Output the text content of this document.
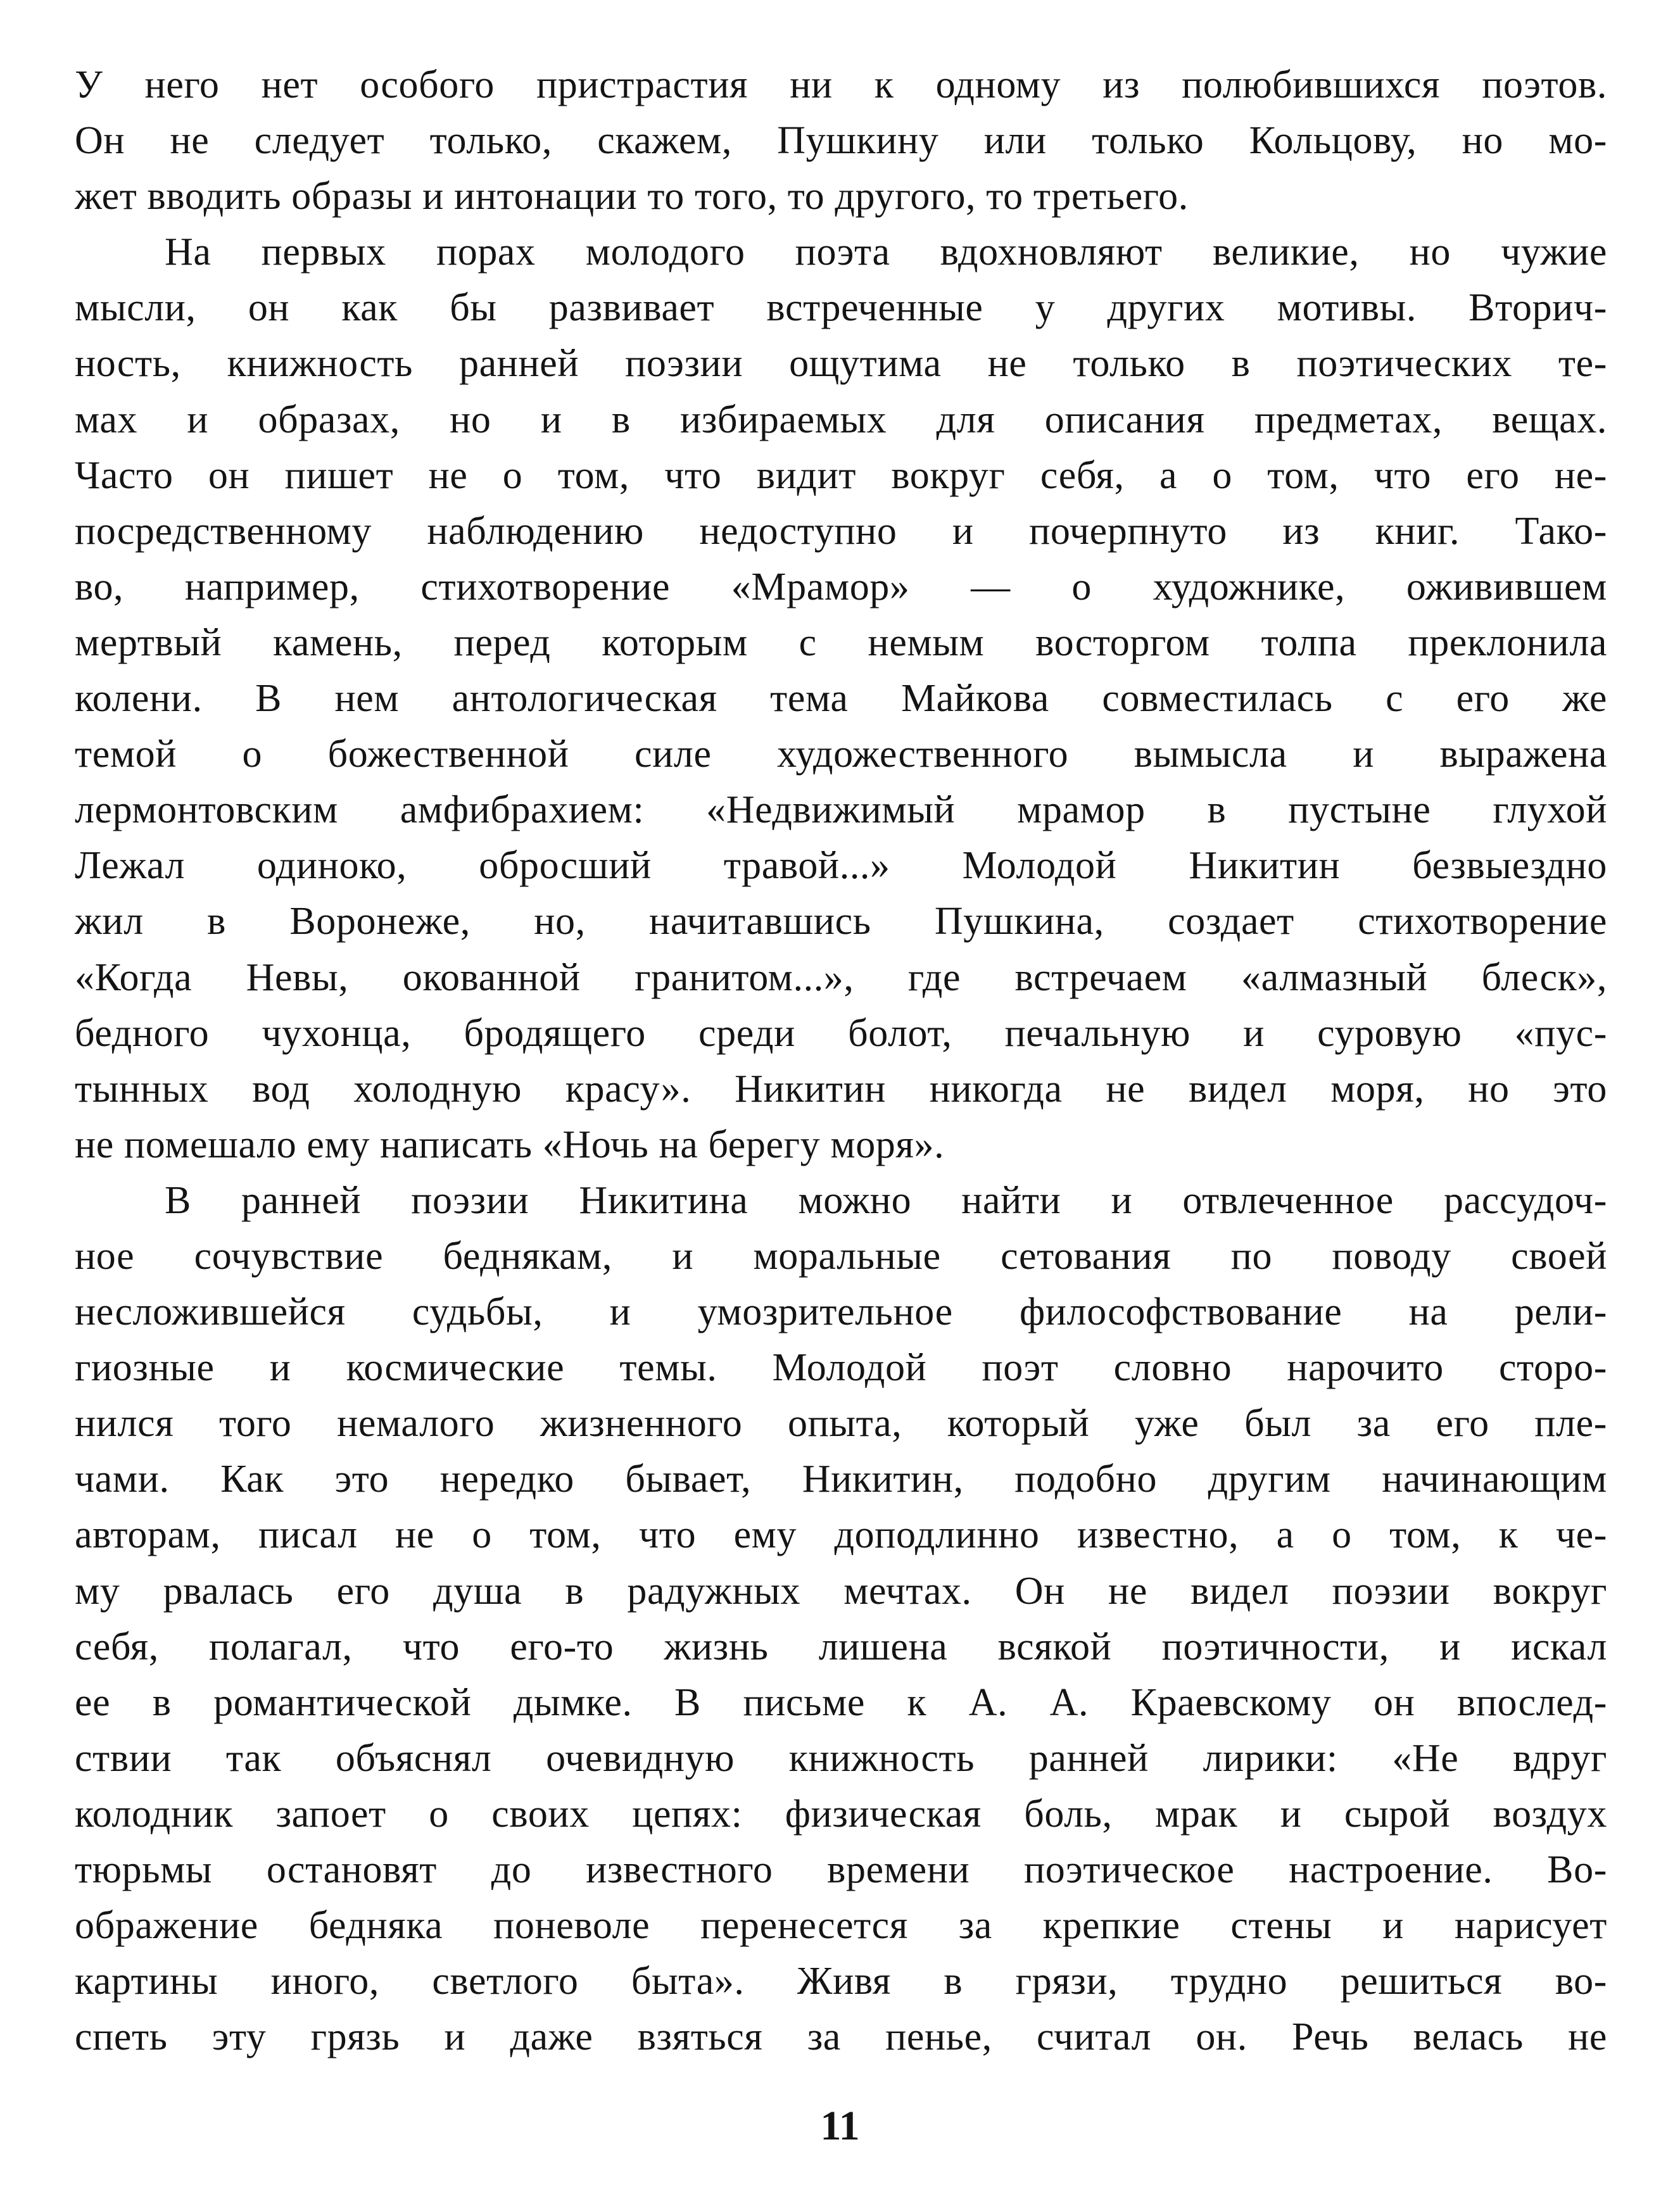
У него нет особого пристрастия ни к одному из полюбившихся поэтов.
Он не следует только, скажем, Пушкину или только Кольцову, но мо-
жет вводить образы и интонации то того, то другого, то третьего.
На первых порах молодого поэта вдохновляют великие, но чужие
мысли, он как бы развивает встреченные у других мотивы. Вторич-
ность, книжность ранней поэзии ощутима не только в поэтических те-
мах и образах, но и в избираемых для описания предметах, вещах.
Часто он пишет не о том, что видит вокруг себя, а о том, что его не-
посредственному наблюдению недоступно и почерпнуто из книг. Тако-
во, например, стихотворение «Мрамор» — о художнике, оживившем
мертвый камень, перед которым с немым восторгом толпа преклонила
колени. В нем антологическая тема Майкова совместилась с его же
темой о божественной силе художественного вымысла и выражена
лермонтовским амфибрахием: «Недвижимый мрамор в пустыне глухой
Лежал одиноко, обросший травой...» Молодой Никитин безвыездно
жил в Воронеже, но, начитавшись Пушкина, создает стихотворение
«Когда Невы, окованной гранитом...», где встречаем «алмазный блеск»,
бедного чухонца, бродящего среди болот, печальную и суровую «пус-
тынных вод холодную красу». Никитин никогда не видел моря, но это
не помешало ему написать «Ночь на берегу моря».
В ранней поэзии Никитина можно найти и отвлеченное рассудоч-
ное сочувствие беднякам, и моральные сетования по поводу своей
несложившейся судьбы, и умозрительное философствование на рели-
гиозные и космические темы. Молодой поэт словно нарочито сторо-
нился того немалого жизненного опыта, который уже был за его пле-
чами. Как это нередко бывает, Никитин, подобно другим начинающим
авторам, писал не о том, что ему доподлинно известно, а о том, к че-
му рвалась его душа в радужных мечтах. Он не видел поэзии вокруг
себя, полагал, что его-то жизнь лишена всякой поэтичности, и искал
ее в романтической дымке. В письме к А. А. Краевскому он впослед-
ствии так объяснял очевидную книжность ранней лирики: «Не вдруг
колодник запоет о своих цепях: физическая боль, мрак и сырой воздух
тюрьмы остановят до известного времени поэтическое настроение. Во-
ображение бедняка поневоле перенесется за крепкие стены и нарисует
картины иного, светлого быта». Живя в грязи, трудно решиться во-
спеть эту грязь и даже взяться за пенье, считал он. Речь велась не
11
